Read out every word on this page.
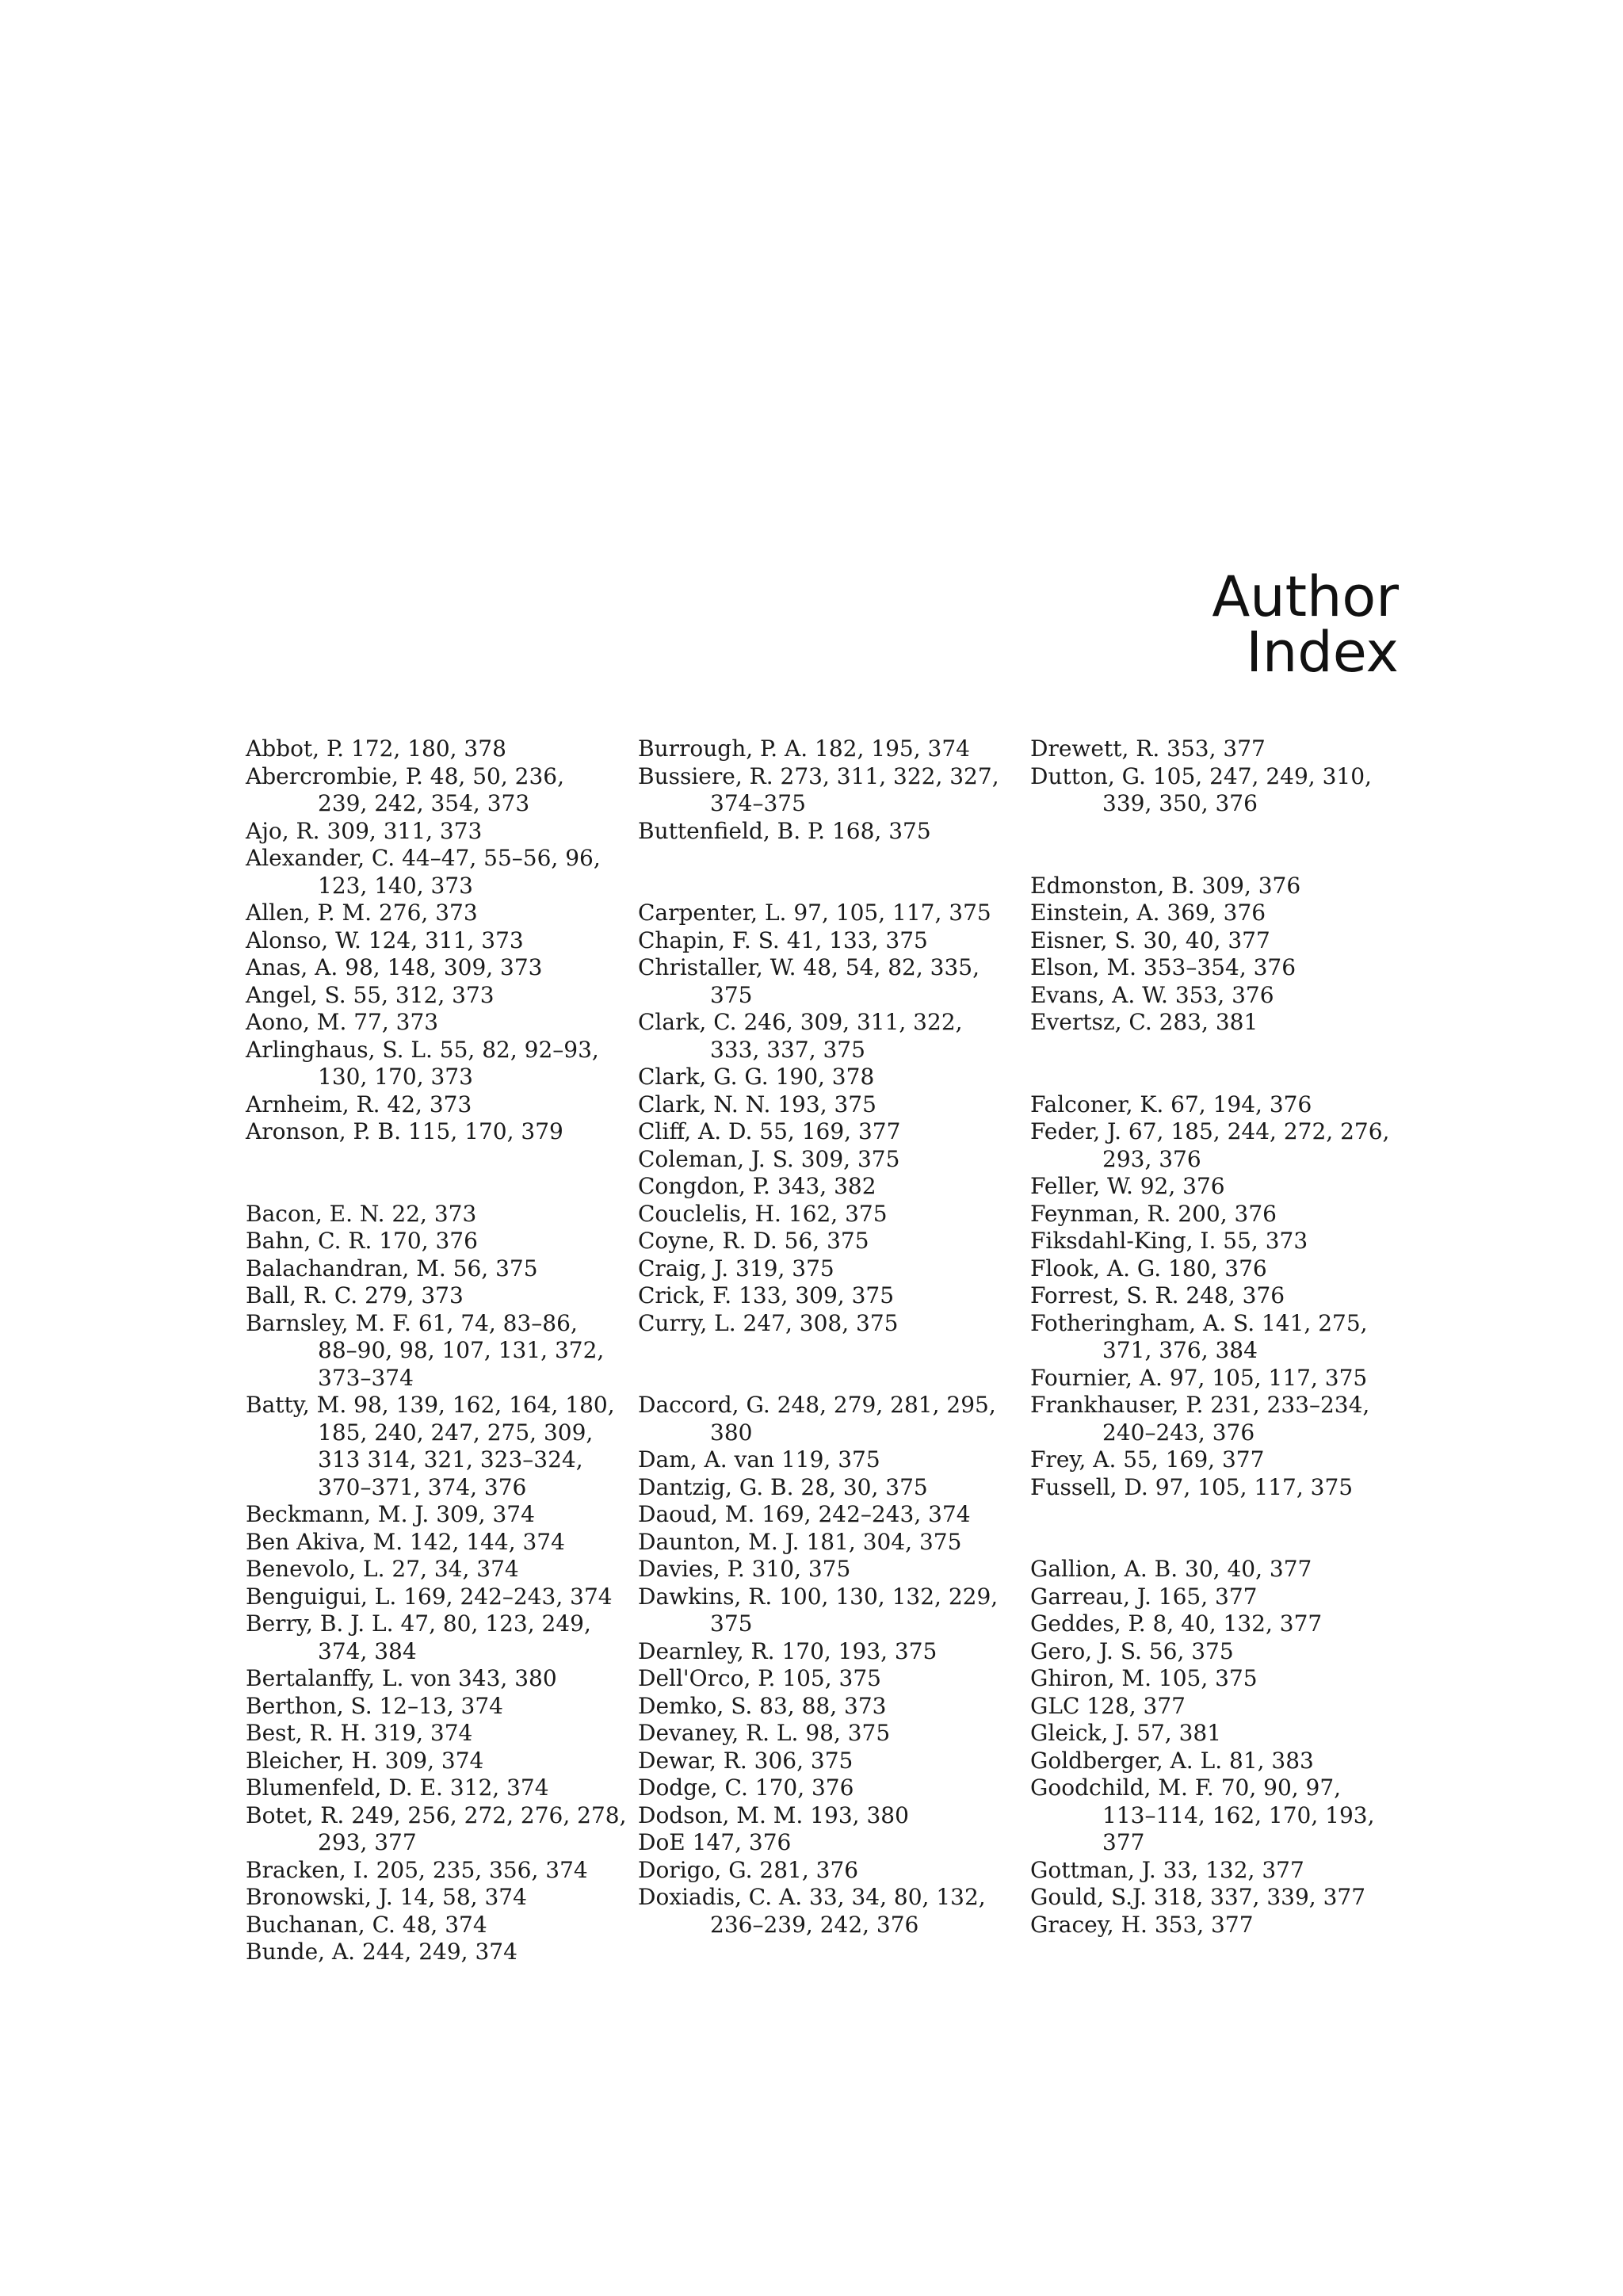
Author Index
Abbot, P. 172, 180, 378
Abercrombie, P. 48, 50, 236,
239, 242, 354, 373
Ajo, R. 309, 311, 373
Alexander, C. 44–47, 55–56, 96,
123, 140, 373
Allen, P. M. 276, 373
Alonso, W. 124, 311, 373
Anas, A. 98, 148, 309, 373
Angel, S. 55, 312, 373
Aono, M. 77, 373
Arlinghaus, S. L. 55, 82, 92–93,
130, 170, 373
Arnheim, R. 42, 373
Aronson, P. B. 115, 170, 379
Bacon, E. N. 22, 373
Bahn, C. R. 170, 376
Balachandran, M. 56, 375
Ball, R. C. 279, 373
Barnsley, M. F. 61, 74, 83–86,
88–90, 98, 107, 131, 372,
373–374
Batty, M. 98, 139, 162, 164, 180,
185, 240, 247, 275, 309,
313 314, 321, 323–324,
370–371, 374, 376
Beckmann, M. J. 309, 374
Ben Akiva, M. 142, 144, 374
Benevolo, L. 27, 34, 374
Benguigui, L. 169, 242–243, 374
Berry, B. J. L. 47, 80, 123, 249,
374, 384
Bertalanffy, L. von 343, 380
Berthon, S. 12–13, 374
Best, R. H. 319, 374
Bleicher, H. 309, 374
Blumenfeld, D. E. 312, 374
Botet, R. 249, 256, 272, 276, 278,
293, 377
Bracken, I. 205, 235, 356, 374
Bronowski, J. 14, 58, 374
Buchanan, C. 48, 374
Bunde, A. 244, 249, 374
Burrough, P. A. 182, 195, 374
Bussiere, R. 273, 311, 322, 327,
374–375
Buttenfield, B. P. 168, 375
Carpenter, L. 97, 105, 117, 375
Chapin, F. S. 41, 133, 375
Christaller, W. 48, 54, 82, 335,
375
Clark, C. 246, 309, 311, 322,
333, 337, 375
Clark, G. G. 190, 378
Clark, N. N. 193, 375
Cliff, A. D. 55, 169, 377
Coleman, J. S. 309, 375
Congdon, P. 343, 382
Couclelis, H. 162, 375
Coyne, R. D. 56, 375
Craig, J. 319, 375
Crick, F. 133, 309, 375
Curry, L. 247, 308, 375
Daccord, G. 248, 279, 281, 295,
380
Dam, A. van 119, 375
Dantzig, G. B. 28, 30, 375
Daoud, M. 169, 242–243, 374
Daunton, M. J. 181, 304, 375
Davies, P. 310, 375
Dawkins, R. 100, 130, 132, 229,
375
Dearnley, R. 170, 193, 375
Dell'Orco, P. 105, 375
Demko, S. 83, 88, 373
Devaney, R. L. 98, 375
Dewar, R. 306, 375
Dodge, C. 170, 376
Dodson, M. M. 193, 380
DoE 147, 376
Dorigo, G. 281, 376
Doxiadis, C. A. 33, 34, 80, 132,
236–239, 242, 376
Drewett, R. 353, 377
Dutton, G. 105, 247, 249, 310,
339, 350, 376
Edmonston, B. 309, 376
Einstein, A. 369, 376
Eisner, S. 30, 40, 377
Elson, M. 353–354, 376
Evans, A. W. 353, 376
Evertsz, C. 283, 381
Falconer, K. 67, 194, 376
Feder, J. 67, 185, 244, 272, 276,
293, 376
Feller, W. 92, 376
Feynman, R. 200, 376
Fiksdahl-King, I. 55, 373
Flook, A. G. 180, 376
Forrest, S. R. 248, 376
Fotheringham, A. S. 141, 275,
371, 376, 384
Fournier, A. 97, 105, 117, 375
Frankhauser, P. 231, 233–234,
240–243, 376
Frey, A. 55, 169, 377
Fussell, D. 97, 105, 117, 375
Gallion, A. B. 30, 40, 377
Garreau, J. 165, 377
Geddes, P. 8, 40, 132, 377
Gero, J. S. 56, 375
Ghiron, M. 105, 375
GLC 128, 377
Gleick, J. 57, 381
Goldberger, A. L. 81, 383
Goodchild, M. F. 70, 90, 97,
113–114, 162, 170, 193,
377
Gottman, J. 33, 132, 377
Gould, S.J. 318, 337, 339, 377
Gracey, H. 353, 377
